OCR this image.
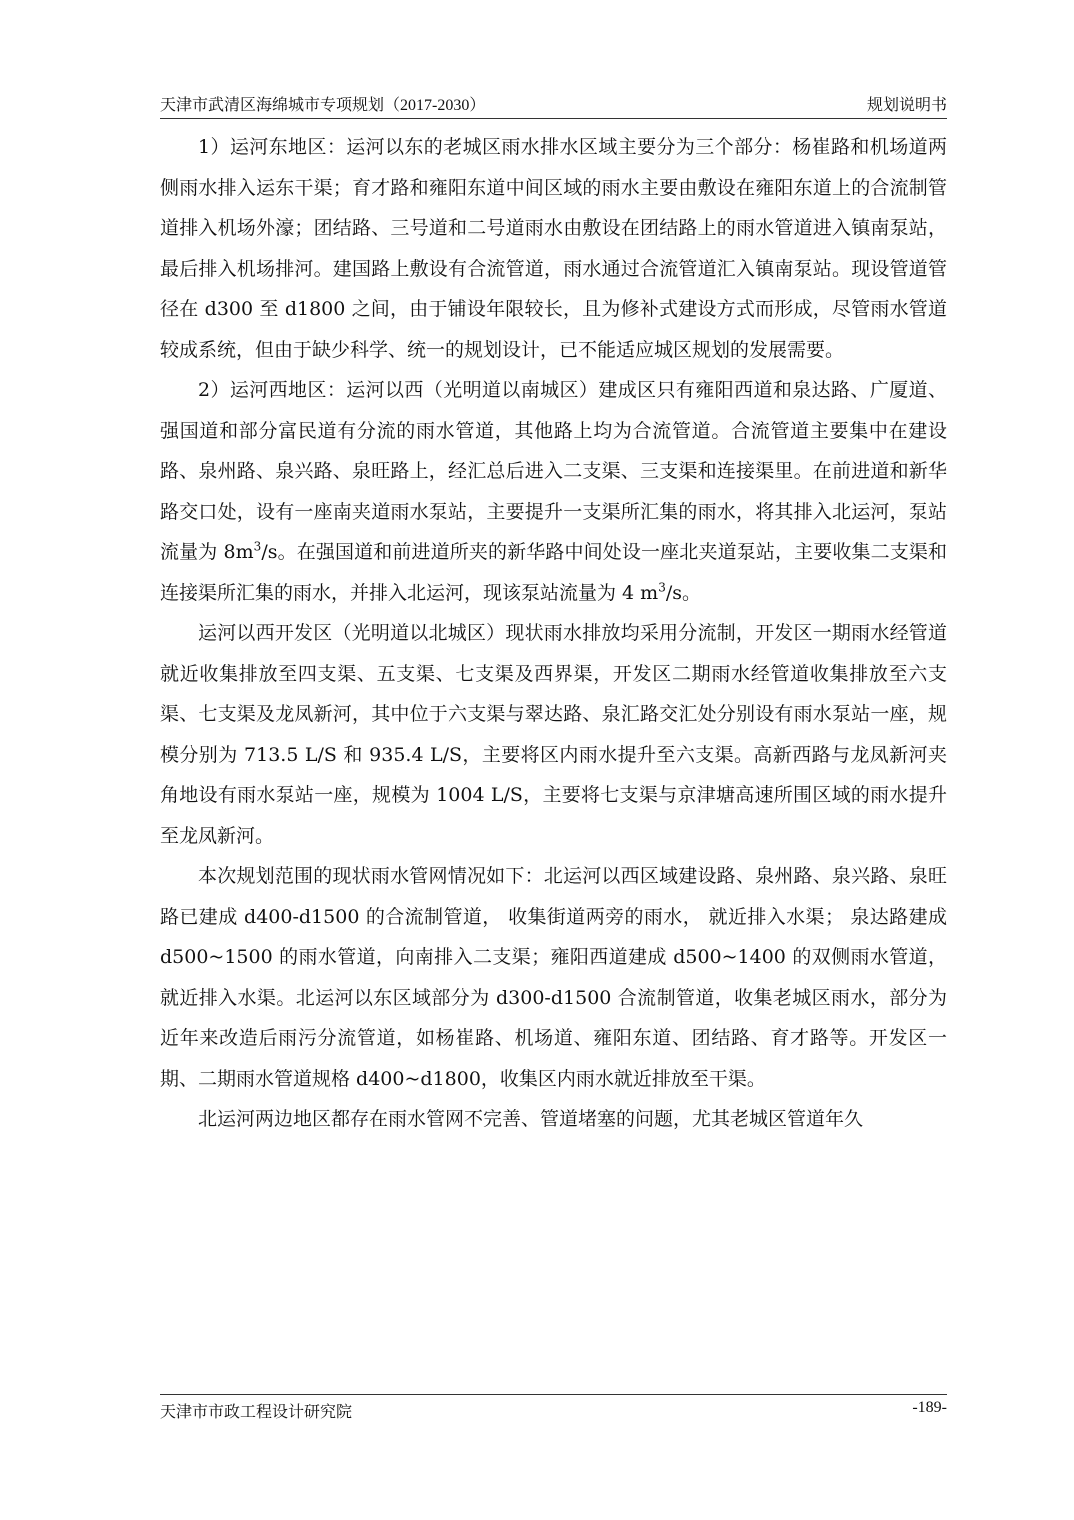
天津市武清区海绵城市专项规划（2017-2030）	规划说明书

1）运河东地区：运河以东的老城区雨水排水区域主要分为三个部分：杨崔路和机场道两侧雨水排入运东干渠；育才路和雍阳东道中间区域的雨水主要由敷设在雍阳东道上的合流制管道排入机场外濠；团结路、三号道和二号道雨水由敷设在团结路上的雨水管道进入镇南泵站，最后排入机场排河。建国路上敷设有合流管道，雨水通过合流管道汇入镇南泵站。现设管道管径在 d300 至 d1800 之间，由于铺设年限较长，且为修补式建设方式而形成，尽管雨水管道较成系统，但由于缺少科学、统一的规划设计，已不能适应城区规划的发展需要。

2）运河西地区：运河以西（光明道以南城区）建成区只有雍阳西道和泉达路、广厦道、强国道和部分富民道有分流的雨水管道，其他路上均为合流管道。合流管道主要集中在建设路、泉州路、泉兴路、泉旺路上，经汇总后进入二支渠、三支渠和连接渠里。在前进道和新华路交口处，设有一座南夹道雨水泵站，主要提升一支渠所汇集的雨水，将其排入北运河，泵站流量为 $8m^3/s$。在强国道和前进道所夹的新华路中间处设一座北夹道泵站，主要收集二支渠和连接渠所汇集的雨水，并排入北运河，现该泵站流量为 4 $m^3/s$。

运河以西开发区（光明道以北城区）现状雨水排放均采用分流制，开发区一期雨水经管道就近收集排放至四支渠、五支渠、七支渠及西界渠，开发区二期雨水经管道收集排放至六支渠、七支渠及龙凤新河，其中位于六支渠与翠达路、泉汇路交汇处分别设有雨水泵站一座，规模分别为 713.5 L/S 和 935.4 L/S，主要将区内雨水提升至六支渠。高新西路与龙凤新河夹角地设有雨水泵站一座，规模为 1004 L/S，主要将七支渠与京津塘高速所围区域的雨水提升至龙凤新河。

本次规划范围的现状雨水管网情况如下：北运河以西区域建设路、泉州路、泉兴路、泉旺路已建成 d400-d1500 的合流制管道， 收集街道两旁的雨水， 就近排入水渠； 泉达路建成 d500~1500 的雨水管道，向南排入二支渠；雍阳西道建成 d500~1400 的双侧雨水管道，就近排入水渠。北运河以东区域部分为 d300-d1500 合流制管道，收集老城区雨水，部分为近年来改造后雨污分流管道，如杨崔路、机场道、雍阳东道、团结路、育才路等。开发区一期、二期雨水管道规格 d400~d1800，收集区内雨水就近排放至干渠。

北运河两边地区都存在雨水管网不完善、管道堵塞的问题，尤其老城区管道年久

天津市市政工程设计研究院	-189-
